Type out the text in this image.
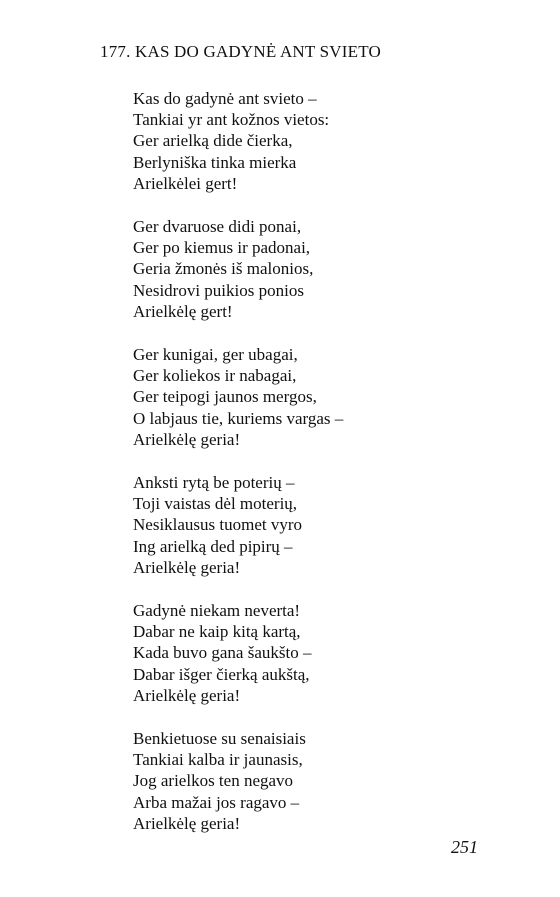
177. KAS DO GADYNĖ ANT SVIETO
Kas do gadynė ant svieto –
Tankiai yr ant kožnos vietos:
Ger arielką dide čierka,
Berlyniška tinka mierka
Arielkėlei gert!
Ger dvaruose didi ponai,
Ger po kiemus ir padonai,
Geria žmonės iš malonios,
Nesidrovi puikios ponios
Arielkėlę gert!
Ger kunigai, ger ubagai,
Ger koliekos ir nabagai,
Ger teipogi jaunos mergos,
O labjaus tie, kuriems vargas –
Arielkėlę geria!
Anksti rytą be poterių –
Toji vaistas dėl moterių,
Nesiklausus tuomet vyro
Ing arielką ded pipirų –
Arielkėlę geria!
Gadynė niekam neverta!
Dabar ne kaip kitą kartą,
Kada buvo gana šaukšto –
Dabar išger čierką aukštą,
Arielkėlę geria!
Benkietuose su senaisiais
Tankiai kalba ir jaunasis,
Jog arielkos ten negavo
Arba mažai jos ragavo –
Arielkėlę geria!
251
